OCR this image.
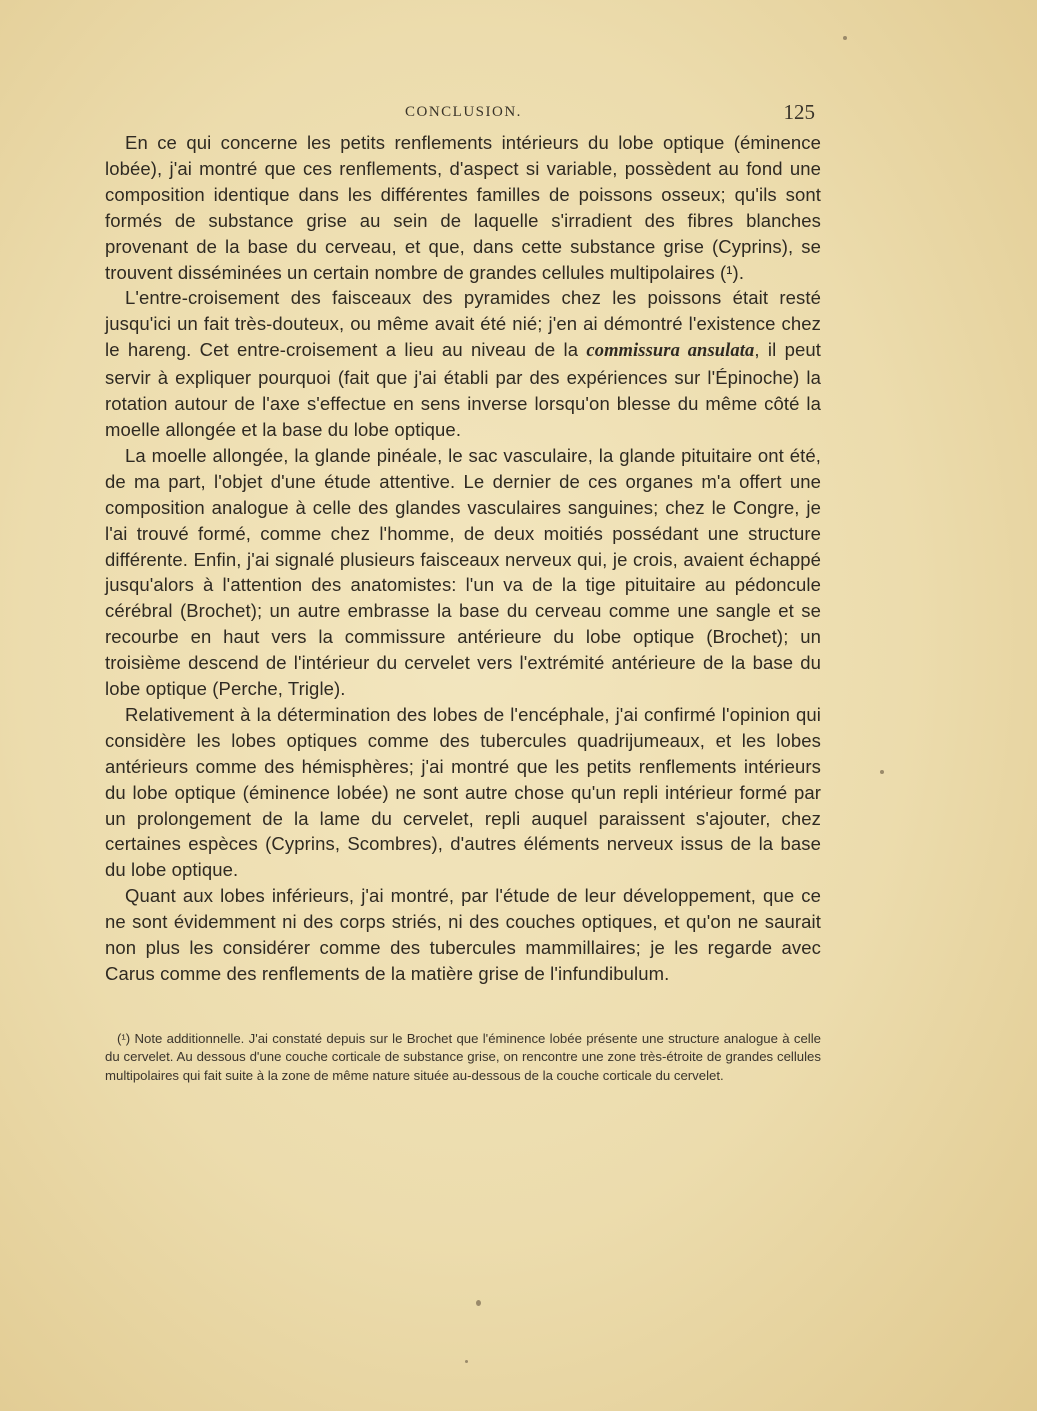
CONCLUSION.	125

En ce qui concerne les petits renflements intérieurs du lobe optique (éminence lobée), j'ai montré que ces renflements, d'aspect si variable, possèdent au fond une composition identique dans les différentes familles de poissons osseux; qu'ils sont formés de substance grise au sein de laquelle s'irradient des fibres blanches provenant de la base du cerveau, et que, dans cette substance grise (Cyprins), se trouvent disséminées un certain nombre de grandes cellules multipolaires (¹).

L'entre-croisement des faisceaux des pyramides chez les poissons était resté jusqu'ici un fait très-douteux, ou même avait été nié; j'en ai démontré l'existence chez le hareng. Cet entre-croisement a lieu au niveau de la commissura ansulata, il peut servir à expliquer pourquoi (fait que j'ai établi par des expériences sur l'Épinoche) la rotation autour de l'axe s'effectue en sens inverse lorsqu'on blesse du même côté la moelle allongée et la base du lobe optique.

La moelle allongée, la glande pinéale, le sac vasculaire, la glande pituitaire ont été, de ma part, l'objet d'une étude attentive. Le dernier de ces organes m'a offert une composition analogue à celle des glandes vasculaires sanguines; chez le Congre, je l'ai trouvé formé, comme chez l'homme, de deux moitiés possédant une structure différente. Enfin, j'ai signalé plusieurs faisceaux nerveux qui, je crois, avaient échappé jusqu'alors à l'attention des anatomistes: l'un va de la tige pituitaire au pédoncule cérébral (Brochet); un autre embrasse la base du cerveau comme une sangle et se recourbe en haut vers la commissure antérieure du lobe optique (Brochet); un troisième descend de l'intérieur du cervelet vers l'extrémité antérieure de la base du lobe optique (Perche, Trigle).

Relativement à la détermination des lobes de l'encéphale, j'ai confirmé l'opinion qui considère les lobes optiques comme des tubercules quadrijumeaux, et les lobes antérieurs comme des hémisphères; j'ai montré que les petits renflements intérieurs du lobe optique (éminence lobée) ne sont autre chose qu'un repli intérieur formé par un prolongement de la lame du cervelet, repli auquel paraissent s'ajouter, chez certaines espèces (Cyprins, Scombres), d'autres éléments nerveux issus de la base du lobe optique.

Quant aux lobes inférieurs, j'ai montré, par l'étude de leur développement, que ce ne sont évidemment ni des corps striés, ni des couches optiques, et qu'on ne saurait non plus les considérer comme des tubercules mammillaires; je les regarde avec Carus comme des renflements de la matière grise de l'infundibulum.

(¹) Note additionnelle. J'ai constaté depuis sur le Brochet que l'éminence lobée présente une structure analogue à celle du cervelet. Au dessous d'une couche corticale de substance grise, on rencontre une zone très-étroite de grandes cellules multipolaires qui fait suite à la zone de même nature située au-dessous de la couche corticale du cervelet.
